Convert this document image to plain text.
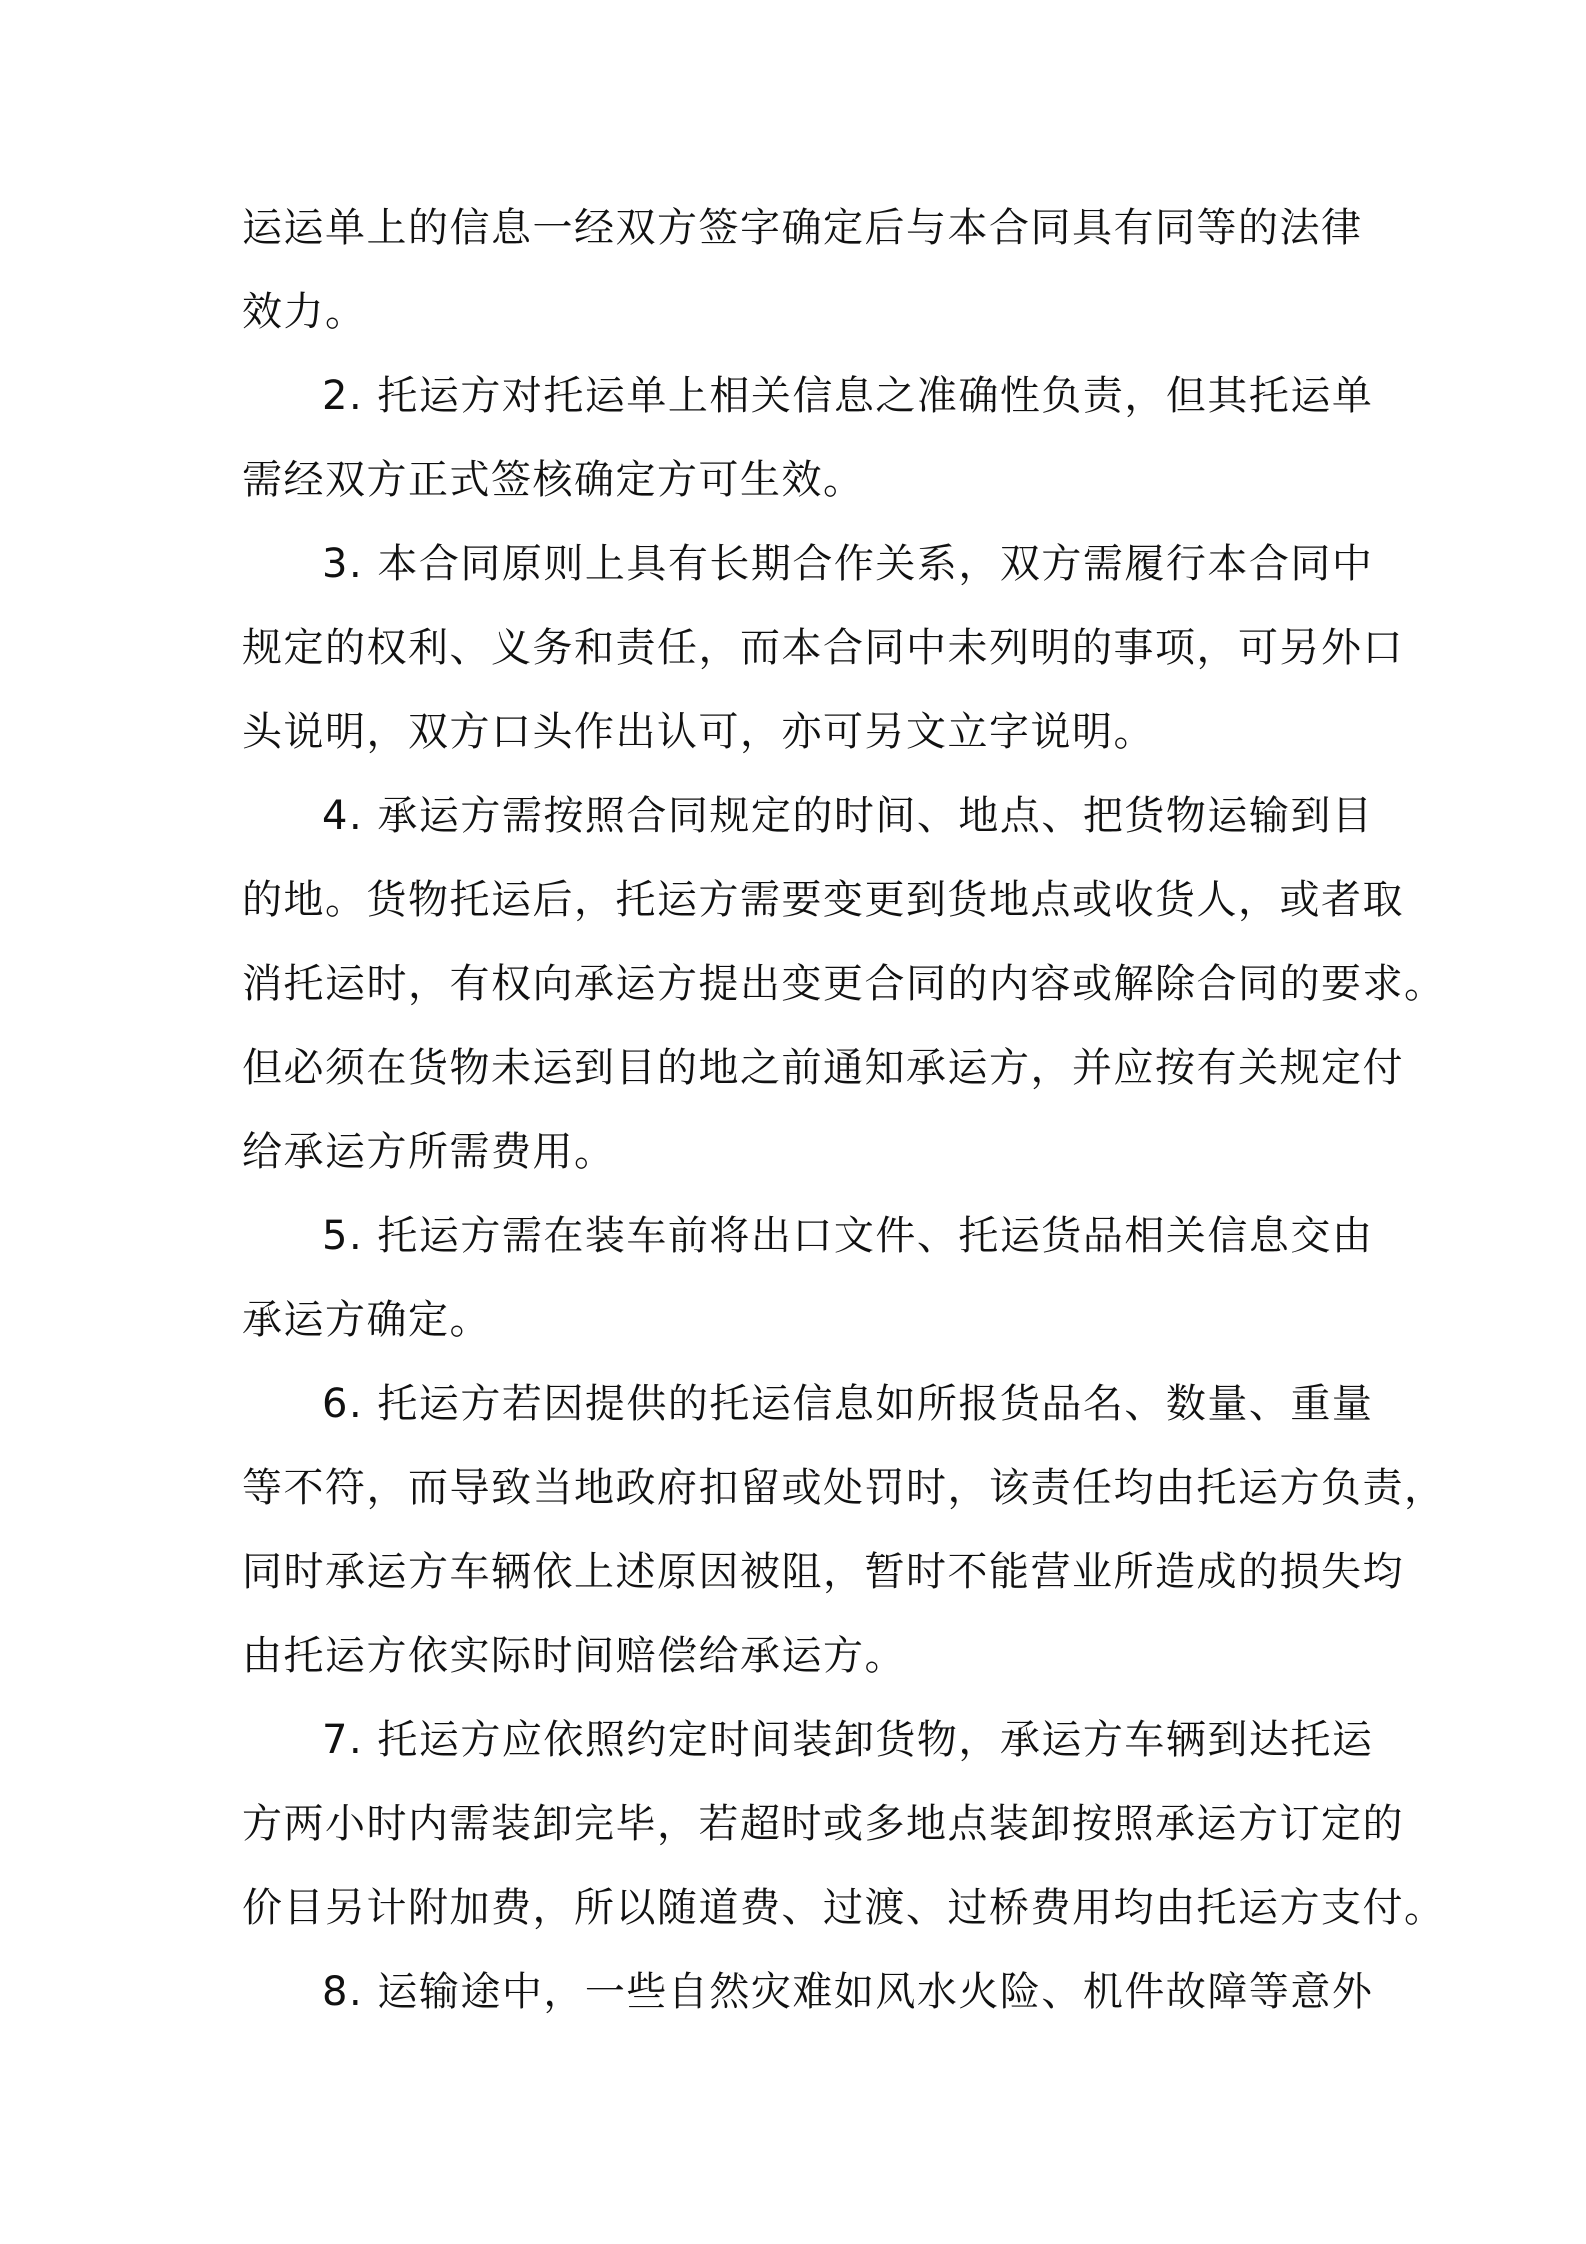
运运单上的信息一经双方签字确定后与本合同具有同等的法律
效力。
2. 托运方对托运单上相关信息之准确性负责，但其托运单
需经双方正式签核确定方可生效。
3. 本合同原则上具有长期合作关系，双方需履行本合同中
规定的权利、义务和责任，而本合同中未列明的事项，可另外口
头说明，双方口头作出认可，亦可另文立字说明。
4. 承运方需按照合同规定的时间、地点、把货物运输到目
的地。货物托运后，托运方需要变更到货地点或收货人，或者取
消托运时，有权向承运方提出变更合同的内容或解除合同的要求。
但必须在货物未运到目的地之前通知承运方，并应按有关规定付
给承运方所需费用。
5. 托运方需在装车前将出口文件、托运货品相关信息交由
承运方确定。
6. 托运方若因提供的托运信息如所报货品名、数量、重量
等不符，而导致当地政府扣留或处罚时，该责任均由托运方负责，
同时承运方车辆依上述原因被阻，暂时不能营业所造成的损失均
由托运方依实际时间赔偿给承运方。
7. 托运方应依照约定时间装卸货物，承运方车辆到达托运
方两小时内需装卸完毕，若超时或多地点装卸按照承运方订定的
价目另计附加费，所以随道费、过渡、过桥费用均由托运方支付。
8. 运输途中，一些自然灾难如风水火险、机件故障等意外
